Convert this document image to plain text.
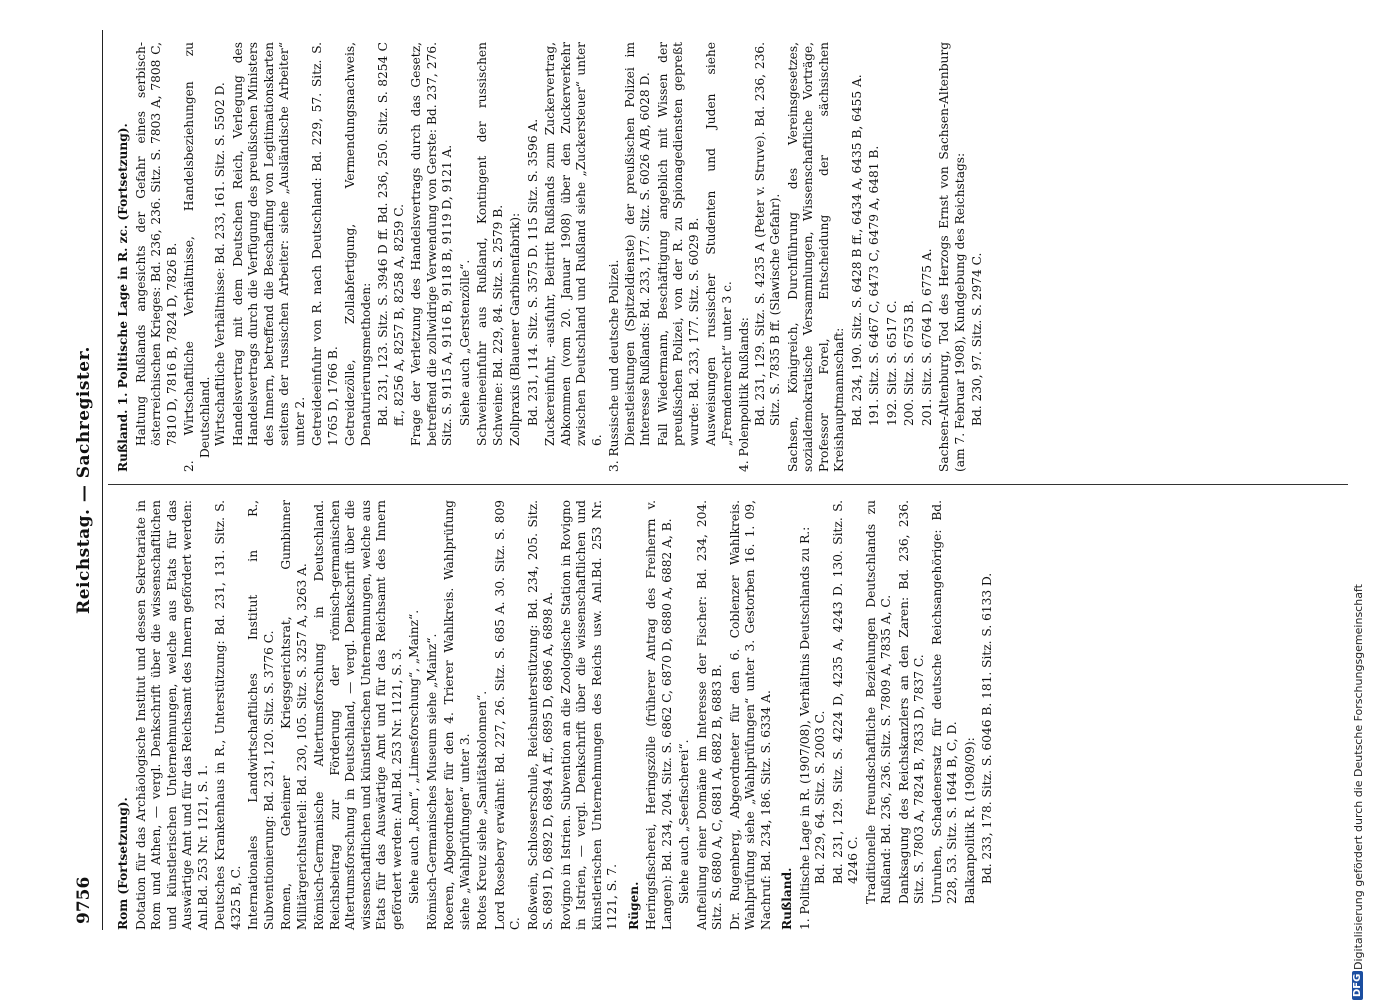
9756
Reichstag. — Sachregister.
Rom (Fortsetzung). Dotation für das Archäologische Institut und dessen Sekretariate in Rom und Athen, — vergl. Denkschrift über die wissenschaftlichen und künstlerischen Unternehmungen, welche aus Etats für das Auswärtige Amt und für das Reichsamt des Innern gefördert werden: Anl.Bd. 253 Nr. 1121, S. 1. Deutsches Krankenhaus in R., Unterstützung: Bd. 231, 131. Sitz. S. 4325 B, C. Internationales Landwirtschaftliches Institut in R., Subventionierung: Bd. 231, 120. Sitz. S. 3776 C. Romen, Geheimer Kriegsgerichtsrat, Gumbinner Militärgerichtsurteil: Bd. 230, 105. Sitz. S. 3257 A, 3263 A. Römisch-Germanische Altertumsforschung in Deutschland. Reichsbeitrag zur Förderung der römisch-germanischen Altertumsforschung in Deutschland, — vergl. Denkschrift über die wissenschaftlichen und künstlerischen Unternehmungen, welche aus Etats für das Auswärtige Amt und für das Reichsamt des Innern gefördert werden: Anl.Bd. 253 Nr. 1121, S. 3. Siehe auch „Rom“, „Limesforschung“, „Mainz“. Römisch-Germanisches Museum siehe „Mainz“. Roeren, Abgeordneter für den 4. Trierer Wahlkreis. Wahlprüfung siehe „Wahlprüfungen“ unter 3. Rotes Kreuz siehe „Sanitätskolonnen“. Lord Rosebery erwähnt: Bd. 227, 26. Sitz. S. 685 A. 30. Sitz. S. 809 C. Roßwein, Schlosserschule, Reichsunterstützung: Bd. 234, 205. Sitz. S. 6891 D, 6892 D, 6894 A ff., 6895 D, 6896 A, 6898 A. Rovigno in Istrien. Subvention an die Zoologische Station in Rovigno in Istrien, — vergl. Denkschrift über die wissenschaftlichen und künstlerischen Unternehmungen des Reichs usw. Anl.Bd. 253 Nr. 1121, S. 7. Rügen. Heringsfischerei, Heringszölle (früherer Antrag des Freiherrn v. Langen): Bd. 234, 204. Sitz. S. 6862 C, 6870 D, 6880 A, 6882 A, B. Siehe auch „Seefischerei“. Aufteilung einer Domäne im Interesse der Fischer: Bd. 234, 204. Sitz. S. 6880 A, C, 6881 A, 6882 B, 6883 B. Dr. Rugenberg, Abgeordneter für den 6. Coblenzer Wahlkreis. Wahlprüfung siehe „Wahlprüfungen“ unter 3. Gestorben 16. 1. 09, Nachruf: Bd. 234, 186. Sitz. S. 6334 A. Rußland. 1. Politische Lage in R. (1907/08), Verhältnis Deutschlands zu R.: Bd. 229, 64. Sitz. S. 2003 C. Bd. 231, 129. Sitz. S. 4224 D, 4235 A, 4243 D. 130. Sitz. S. 4246 C. Traditionelle freundschaftliche Beziehungen Deutschlands zu Rußland: Bd. 236, 236. Sitz. S. 7809 A, 7835 A, C. Danksagung des Reichskanzlers an den Zaren: Bd. 236, 236. Sitz. S. 7803 A, 7824 B, 7833 D, 7837 C. Unruhen, Schadenersatz für deutsche Reichsangehörige: Bd. 228, 53. Sitz. S. 1644 B, C, D. Balkanpolitik R. (1908/09): Bd. 233, 178. Sitz. S. 6046 B. 181. Sitz. S. 6133 D.
Rußland. 1. Politische Lage in R. zc. (Fortsetzung). Haltung Rußlands angesichts der Gefahr eines serbisch-österreichischen Krieges: Bd. 236, 236. Sitz. S. 7803 A, 7808 C, 7810 D, 7816 B, 7824 D, 7826 B. 2. Wirtschaftliche Verhältnisse, Handelsbeziehungen zu Deutschland. Wirtschaftliche Verhältnisse: Bd. 233, 161. Sitz. S. 5502 D. Handelsvertrag mit dem Deutschen Reich, Verlegung des Handelsvertrags durch die Verfügung des preußischen Ministers des Innern, betreffend die Beschaffung von Legitimationskarten seitens der russischen Arbeiter: siehe „Ausländische Arbeiter“ unter 2. Getreideeinfuhr von R. nach Deutschland: Bd. 229, 57. Sitz. S. 1765 D, 1766 B. Getreidezölle, Zollabfertigung, Vermendungsnachweis, Denaturierungsmethoden: Bd. 231, 123. Sitz. S. 3946 D ff. Bd. 236, 250. Sitz. S. 8254 C ff., 8256 A, 8257 B, 8258 A, 8259 C. Frage der Verletzung des Handelsvertrags durch das Gesetz, betreffend die zollwidrige Verwendung von Gerste: Bd. 237, 276. Sitz. S. 9115 A, 9116 B, 9118 B, 9119 D, 9121 A. Siehe auch „Gerstenzölle“. Schweineeinfuhr aus Rußland, Kontingent der russischen Schweine: Bd. 229, 84. Sitz. S. 2579 B. Zollpraxis (Blauener Garbinenfabrik): Bd. 231, 114. Sitz. S. 3575 D. 115 Sitz. S. 3596 A. Zuckereinfuhr, -ausfuhr, Beitritt Rußlands zum Zuckervertrag, Abkommen (vom 20. Januar 1908) über den Zuckerverkehr zwischen Deutschland und Rußland siehe „Zuckersteuer“ unter 6. 3. Russische und deutsche Polizei. Dienstleistungen (Spitzeldienste) der preußischen Polizei im Interesse Rußlands: Bd. 233, 177. Sitz. S. 6026 A/B, 6028 D. Fall Wiedermann, Beschäftigung angeblich mit Wissen der preußischen Polizei, von der R. zu Spionagediensten gepreßt wurde: Bd. 233, 177. Sitz. S. 6029 B. Ausweisungen russischer Studenten und Juden siehe „Fremdenrecht“ unter 3 c. 4. Polenpolitik Rußlands: Bd. 231, 129. Sitz. S. 4235 A (Peter v. Struve). Bd. 236, 236. Sitz. S. 7835 B ff. (Slawische Gefahr). Sachsen, Königreich, Durchführung des Vereinsgesetzes, sozialdemokratische Versammlungen, Wissenschaftliche Vorträge, Professor Forel, Entscheidung der sächsischen Kreishauptmannschaft: Bd. 234, 190. Sitz. S. 6428 B ff., 6434 A, 6435 B, 6455 A. 191. Sitz. S. 6467 C, 6473 C, 6479 A, 6481 B. 192. Sitz. S. 6517 C. 200. Sitz. S. 6753 B. 201. Sitz. S. 6764 D, 6775 A. Sachsen-Altenburg, Tod des Herzogs Ernst von Sachsen-Altenburg (am 7. Februar 1908), Kundgebung des Reichstags: Bd. 230, 97. Sitz. S. 2974 C.
DFG
Digitalisierung gefördert durch die Deutsche Forschungsgemeinschaft
